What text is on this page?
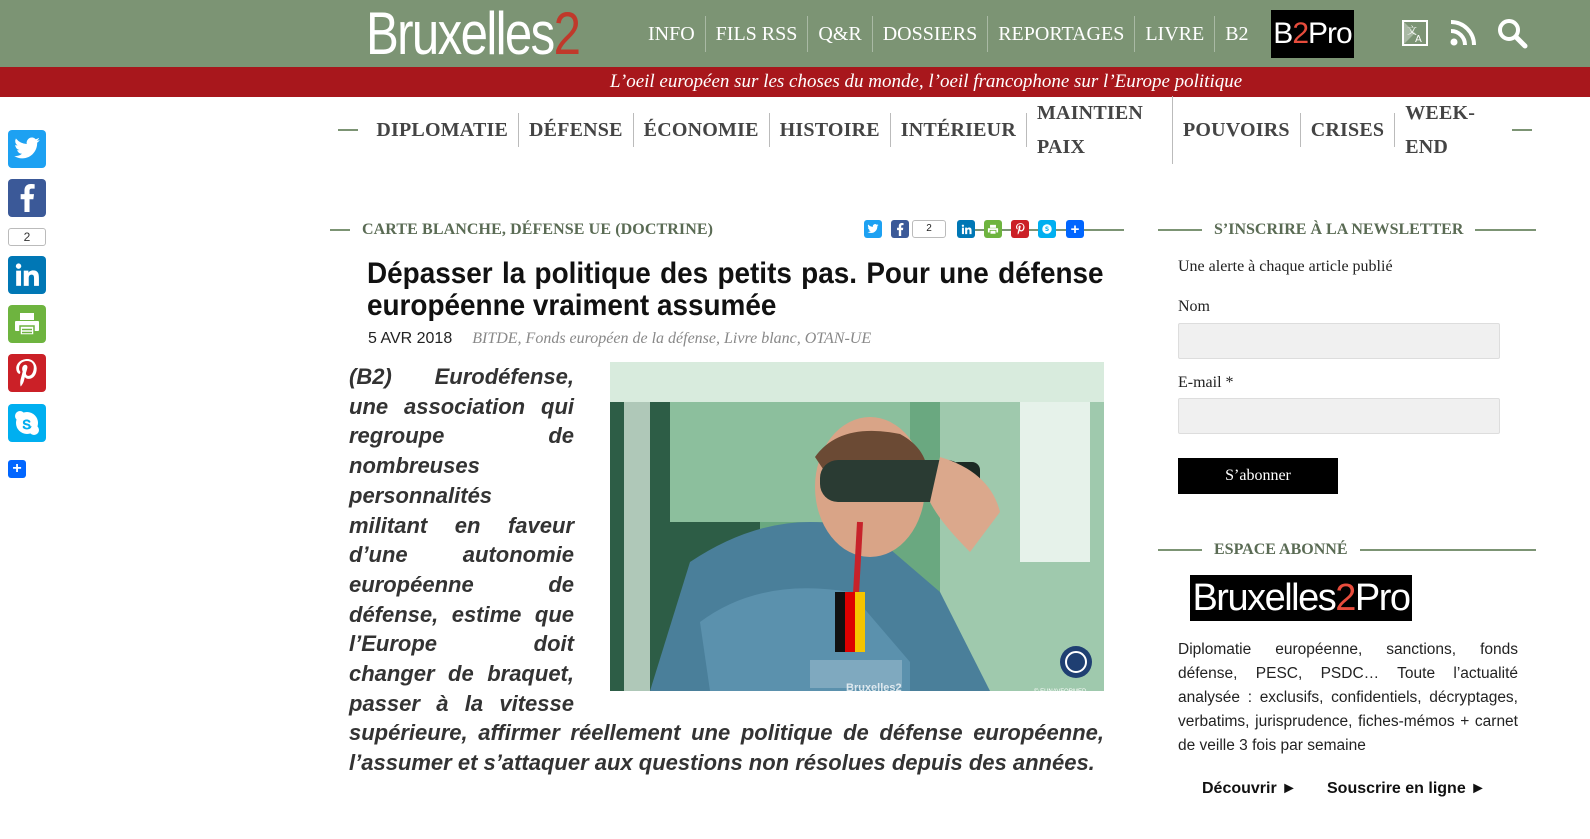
Bruxelles2	INFO	FILS RSS	Q&R	DOSSIERS	REPORTAGES	LIVRE	B2 B2Pro	文
A
L’oeil européen sur les choses du monde, l’oeil francophone sur l’Europe politique
DIPLOMATIE	DÉFENSE	ÉCONOMIE	HISTOIRE	INTÉRIEUR
MAINTIEN PAIX
POUVOIRS	CRISES
WEEK-END
2
+
CARTE BLANCHE, DÉFENSE UE (DOCTRINE)	2	S	+
Dépasser la politique des petits pas. Pour une défense européenne vraiment assumée
5 AVR 2018 BITDE, Fonds européen de la défense, Livre blanc, OTAN-UE
Bruxelles2	© EUNAVFORMED
(B2) Eurodéfense, une association qui regroupe de nombreuses personnalités militant en faveur d’une autonomie européenne de défense, estime que l’Europe doit changer de braquet, passer à la vitesse supérieure, affirmer réellement une politique de défense européenne, l’assumer et s’attaquer aux questions non résolues depuis des années.
S’INSCRIRE À LA NEWSLETTER
Une alerte à chaque article publié
Nom
E-mail *
S’abonner
ESPACE ABONNÉ
Bruxelles2Pro
Diplomatie européenne, sanctions, fonds défense, PESC, PSDC… Toute l’actualité analysée : exclusifs, confidentiels, décryptages, verbatims, jurisprudence, fiches-mémos + carnet de veille 3 fois par semaine
Découvrir ► Souscrire en ligne ►
